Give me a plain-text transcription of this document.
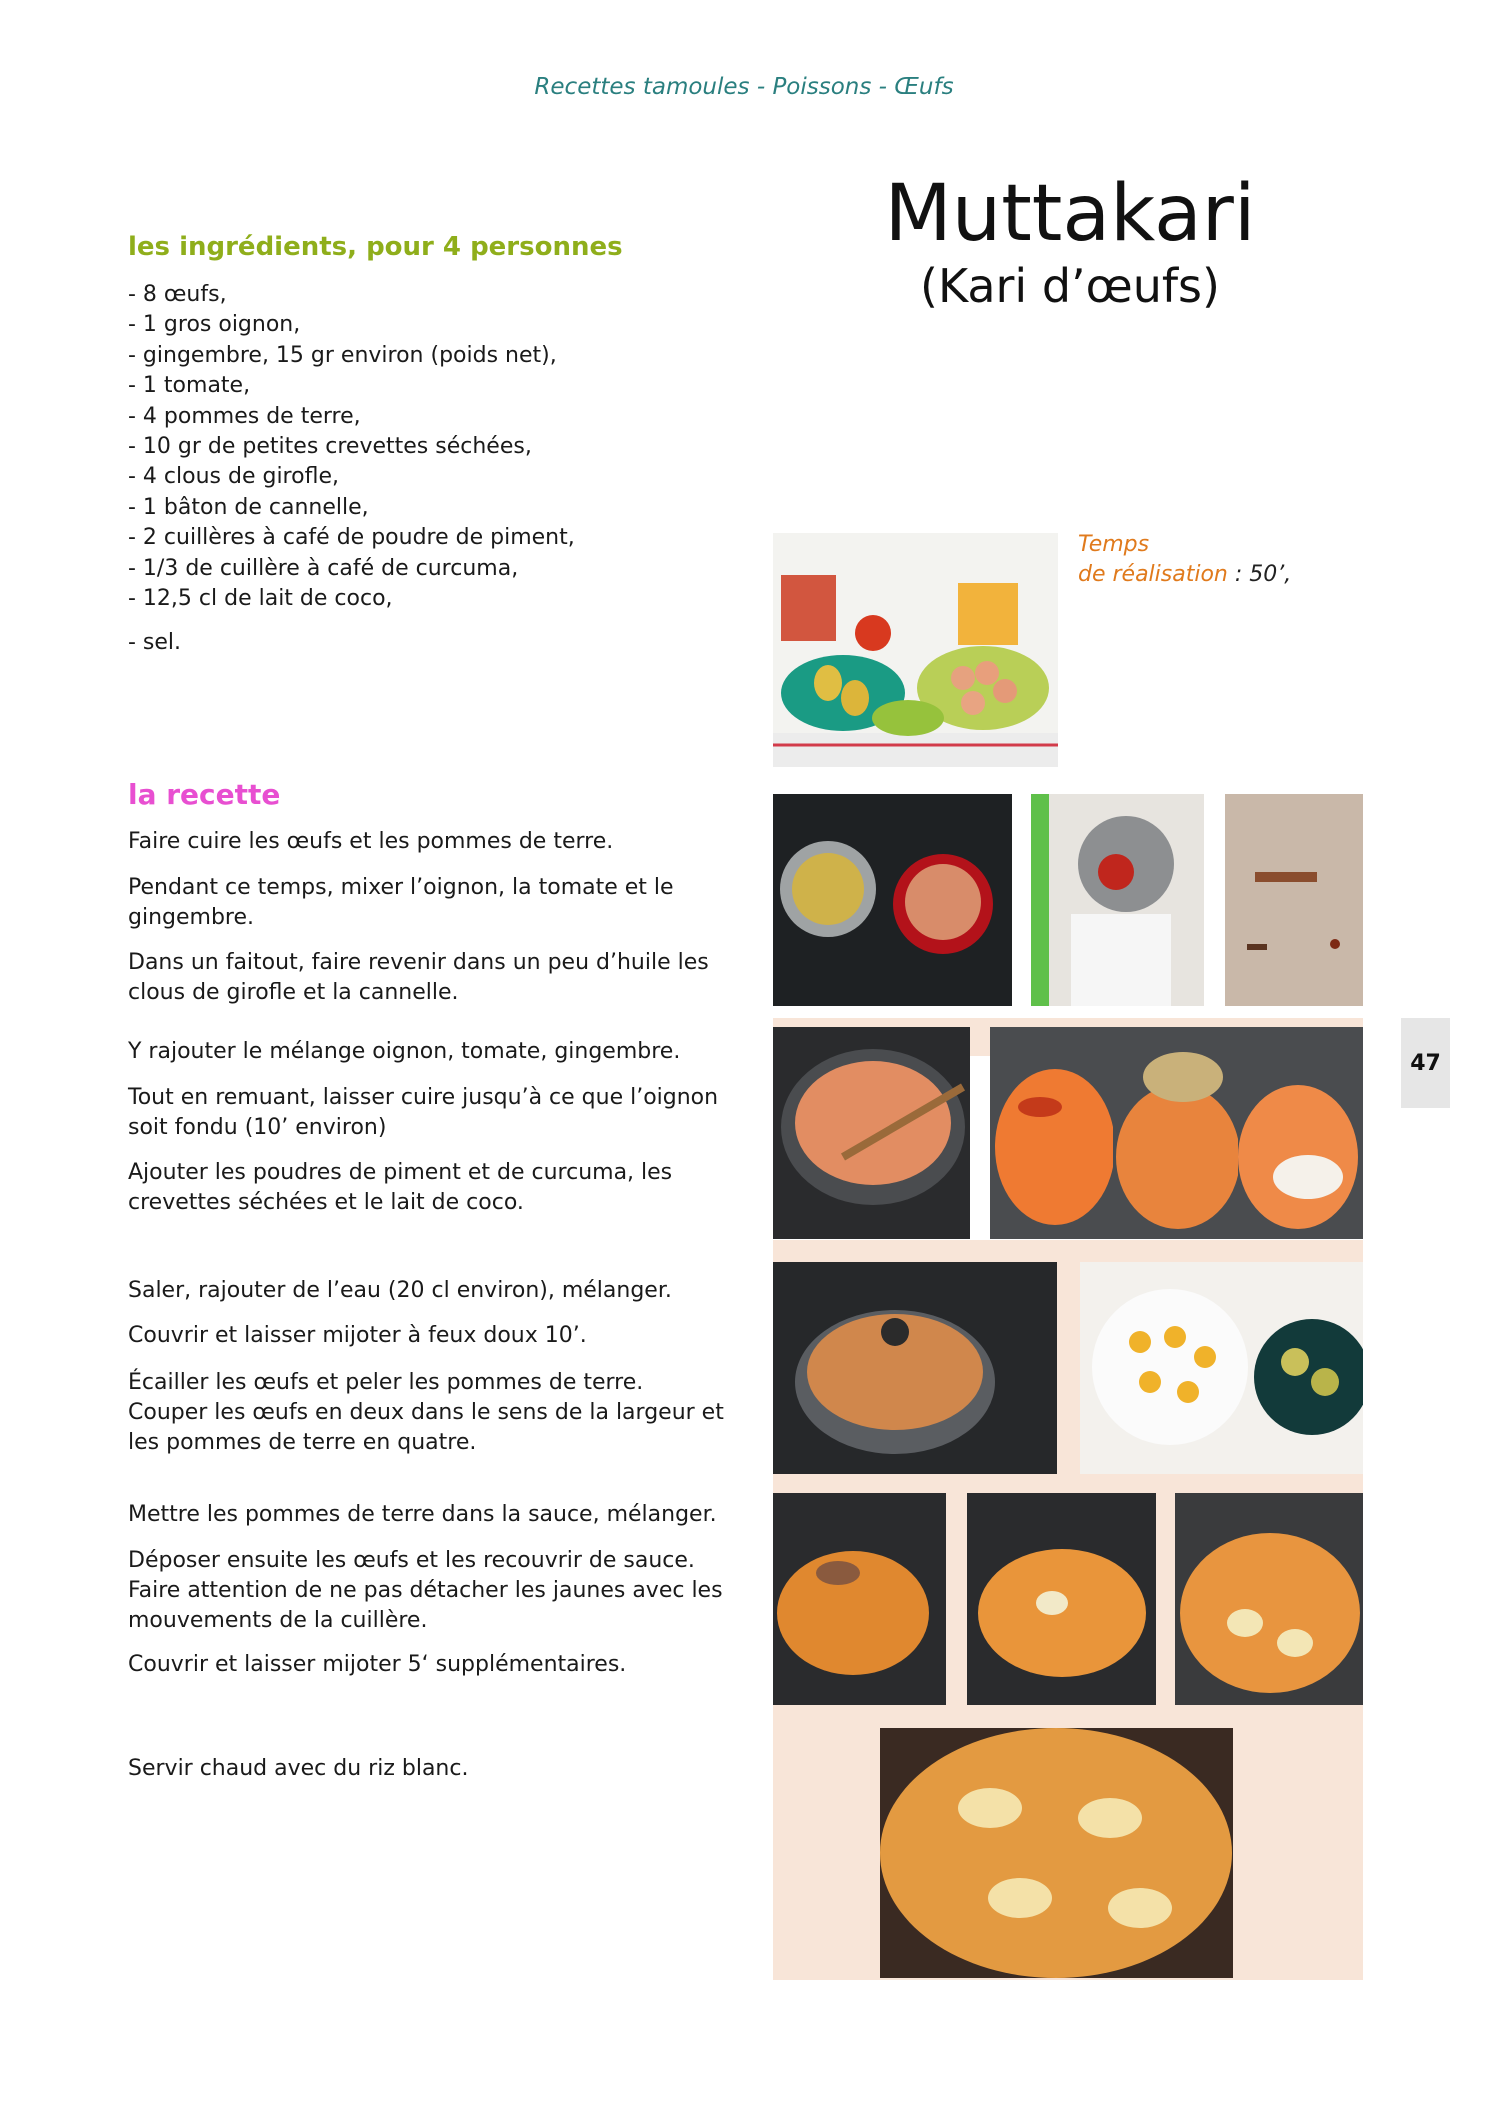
Recettes tamoules - Poissons - Œufs
Muttakari
(Kari d’œufs)
les ingrédients, pour 4 personnes
- 8 œufs,
- 1 gros oignon,
- gingembre, 15 gr environ (poids net),
- 1 tomate,
- 4 pommes de terre,
- 10 gr de petites crevettes séchées,
- 4 clous de girofle,
- 1 bâton de cannelle,
- 2 cuillères à café de poudre de piment,
- 1/3 de cuillère à café de curcuma,
- 12,5 cl de lait de coco,
- sel.
la recette

Faire cuire les œufs et les pommes de terre.

Pendant ce temps, mixer l’oignon, la tomate et le gingembre.

Dans un faitout, faire revenir dans un peu d’huile les clous de girofle et la cannelle.

Y rajouter le mélange oignon, tomate, gingembre.

Tout en remuant, laisser cuire jusqu’à ce que l’oignon soit fondu (10’ environ)

Ajouter les poudres de piment et de curcuma, les crevettes séchées et le lait de coco.

Saler, rajouter de l’eau (20 cl environ), mélanger.

Couvrir et laisser mijoter à feux doux 10’.

Écailler les œufs et peler les pommes de terre. Couper les œufs en deux dans le sens de la largeur et les pommes de terre en quatre.

Mettre les pommes de terre dans la sauce, mélanger.

Déposer ensuite les œufs et les recouvrir de sauce. Faire attention de ne pas détacher les jaunes avec les mouvements de la cuillère.

Couvrir et laisser mijoter 5‘ supplémentaires.

Servir chaud avec du riz blanc.

Temps
de réalisation : 50’,
47
